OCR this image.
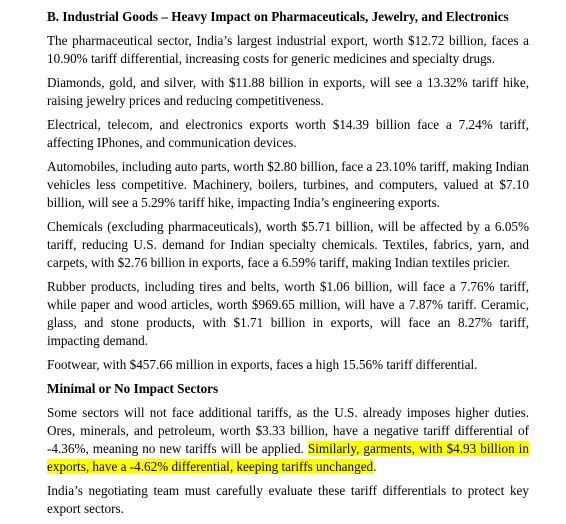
B. Industrial Goods – Heavy Impact on Pharmaceuticals, Jewelry, and Electronics

The pharmaceutical sector, India’s largest industrial export, worth $12.72 billion, faces a 10.90% tariff differential, increasing costs for generic medicines and specialty drugs.

Diamonds, gold, and silver, with $11.88 billion in exports, will see a 13.32% tariff hike, raising jewelry prices and reducing competitiveness.

Electrical, telecom, and electronics exports worth $14.39 billion face a 7.24% tariff, affecting IPhones, and communication devices.

Automobiles, including auto parts, worth $2.80 billion, face a 23.10% tariff, making Indian vehicles less competitive. Machinery, boilers, turbines, and computers, valued at $7.10 billion, will see a 5.29% tariff hike, impacting India’s engineering exports.

Chemicals (excluding pharmaceuticals), worth $5.71 billion, will be affected by a 6.05% tariff, reducing U.S. demand for Indian specialty chemicals. Textiles, fabrics, yarn, and carpets, with $2.76 billion in exports, face a 6.59% tariff, making Indian textiles pricier.

Rubber products, including tires and belts, worth $1.06 billion, will face a 7.76% tariff, while paper and wood articles, worth $969.65 million, will have a 7.87% tariff. Ceramic, glass, and stone products, with $1.71 billion in exports, will face an 8.27% tariff, impacting demand.

Footwear, with $457.66 million in exports, faces a high 15.56% tariff differential.

Minimal or No Impact Sectors

Some sectors will not face additional tariffs, as the U.S. already imposes higher duties. Ores, minerals, and petroleum, worth $3.33 billion, have a negative tariff differential of -4.36%, meaning no new tariffs will be applied. Similarly, garments, with $4.93 billion in exports, have a -4.62% differential, keeping tariffs unchanged.

India’s negotiating team must carefully evaluate these tariff differentials to protect key export sectors.
